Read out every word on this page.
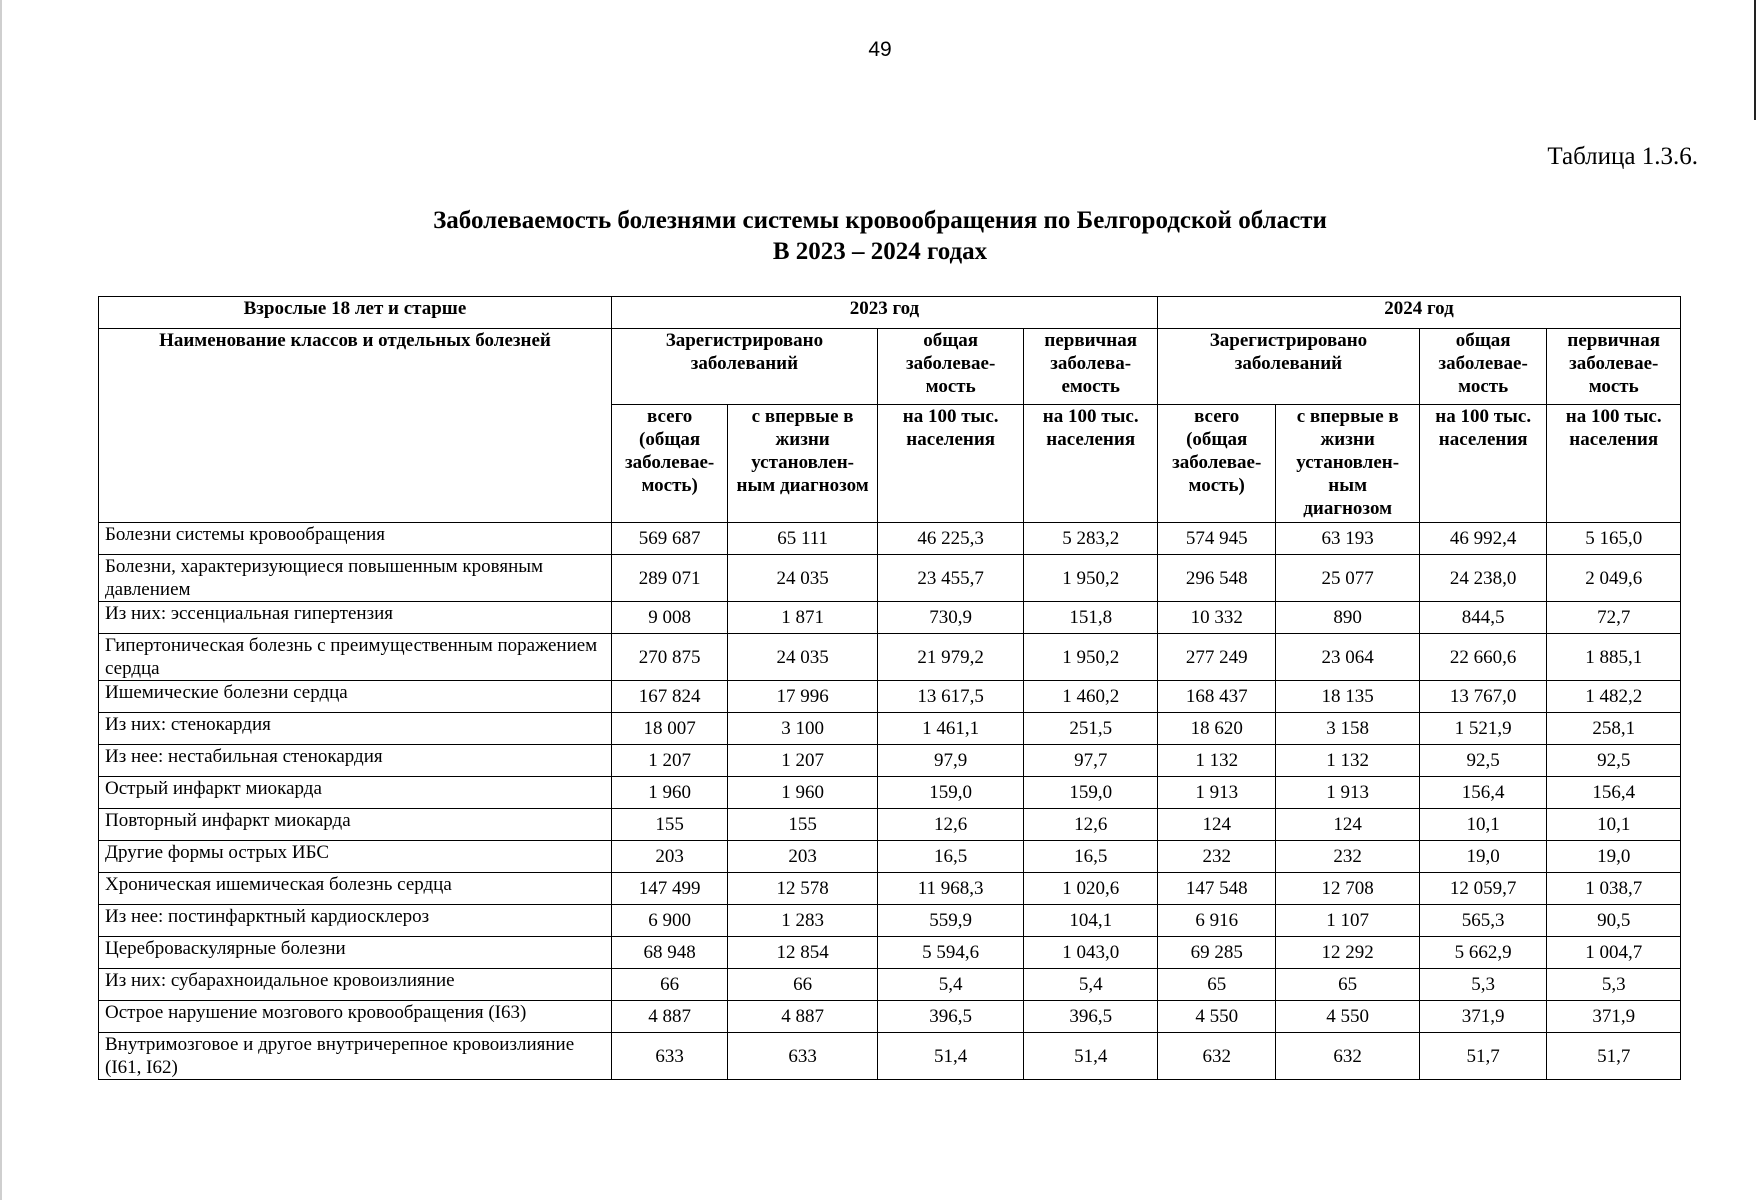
49
Таблица 1.3.6.
Заболеваемость болезнями системы кровообращения по Белгородской области
В 2023 – 2024 годах
Взрослые 18 лет и старше	2023 год				2024 год			
Наименование классов и отдельных болезней	Зарегистрировано заболеваний		общая заболевае-мость	первичная заболева-емость	Зарегистрировано заболеваний		общая заболевае-мость	первичная заболевае-мость
	всего (общая заболевае-мость)	с впервые в жизни установлен-ным диагнозом	на 100 тыс. населения	на 100 тыс. населения	всего (общая заболевае-мость)	с впервые в жизни установлен-ным диагнозом	на 100 тыс. населения	на 100 тыс. населения
Болезни системы кровообращения	569 687	65 111	46 225,3	5 283,2	574 945	63 193	46 992,4	5 165,0
Болезни, характеризующиеся повышенным кровяным давлением	289 071	24 035	23 455,7	1 950,2	296 548	25 077	24 238,0	2 049,6
Из них: эссенциальная гипертензия	9 008	1 871	730,9	151,8	10 332	890	844,5	72,7
Гипертоническая болезнь с преимущественным поражением сердца	270 875	24 035	21 979,2	1 950,2	277 249	23 064	22 660,6	1 885,1
Ишемические болезни сердца	167 824	17 996	13 617,5	1 460,2	168 437	18 135	13 767,0	1 482,2
Из них: стенокардия	18 007	3 100	1 461,1	251,5	18 620	3 158	1 521,9	258,1
Из нее: нестабильная стенокардия	1 207	1 207	97,9	97,7	1 132	1 132	92,5	92,5
Острый инфаркт миокарда	1 960	1 960	159,0	159,0	1 913	1 913	156,4	156,4
Повторный инфаркт миокарда	155	155	12,6	12,6	124	124	10,1	10,1
Другие формы острых ИБС	203	203	16,5	16,5	232	232	19,0	19,0
Хроническая ишемическая болезнь сердца	147 499	12 578	11 968,3	1 020,6	147 548	12 708	12 059,7	1 038,7
Из нее: постинфарктный кардиосклероз	6 900	1 283	559,9	104,1	6 916	1 107	565,3	90,5
Цереброваскулярные болезни	68 948	12 854	5 594,6	1 043,0	69 285	12 292	5 662,9	1 004,7
Из них: субарахноидальное кровоизлияние	66	66	5,4	5,4	65	65	5,3	5,3
Острое нарушение мозгового кровообращения (I63)	4 887	4 887	396,5	396,5	4 550	4 550	371,9	371,9
Внутримозговое и другое внутричерепное кровоизлияние (I61, I62)	633	633	51,4	51,4	632	632	51,7	51,7
